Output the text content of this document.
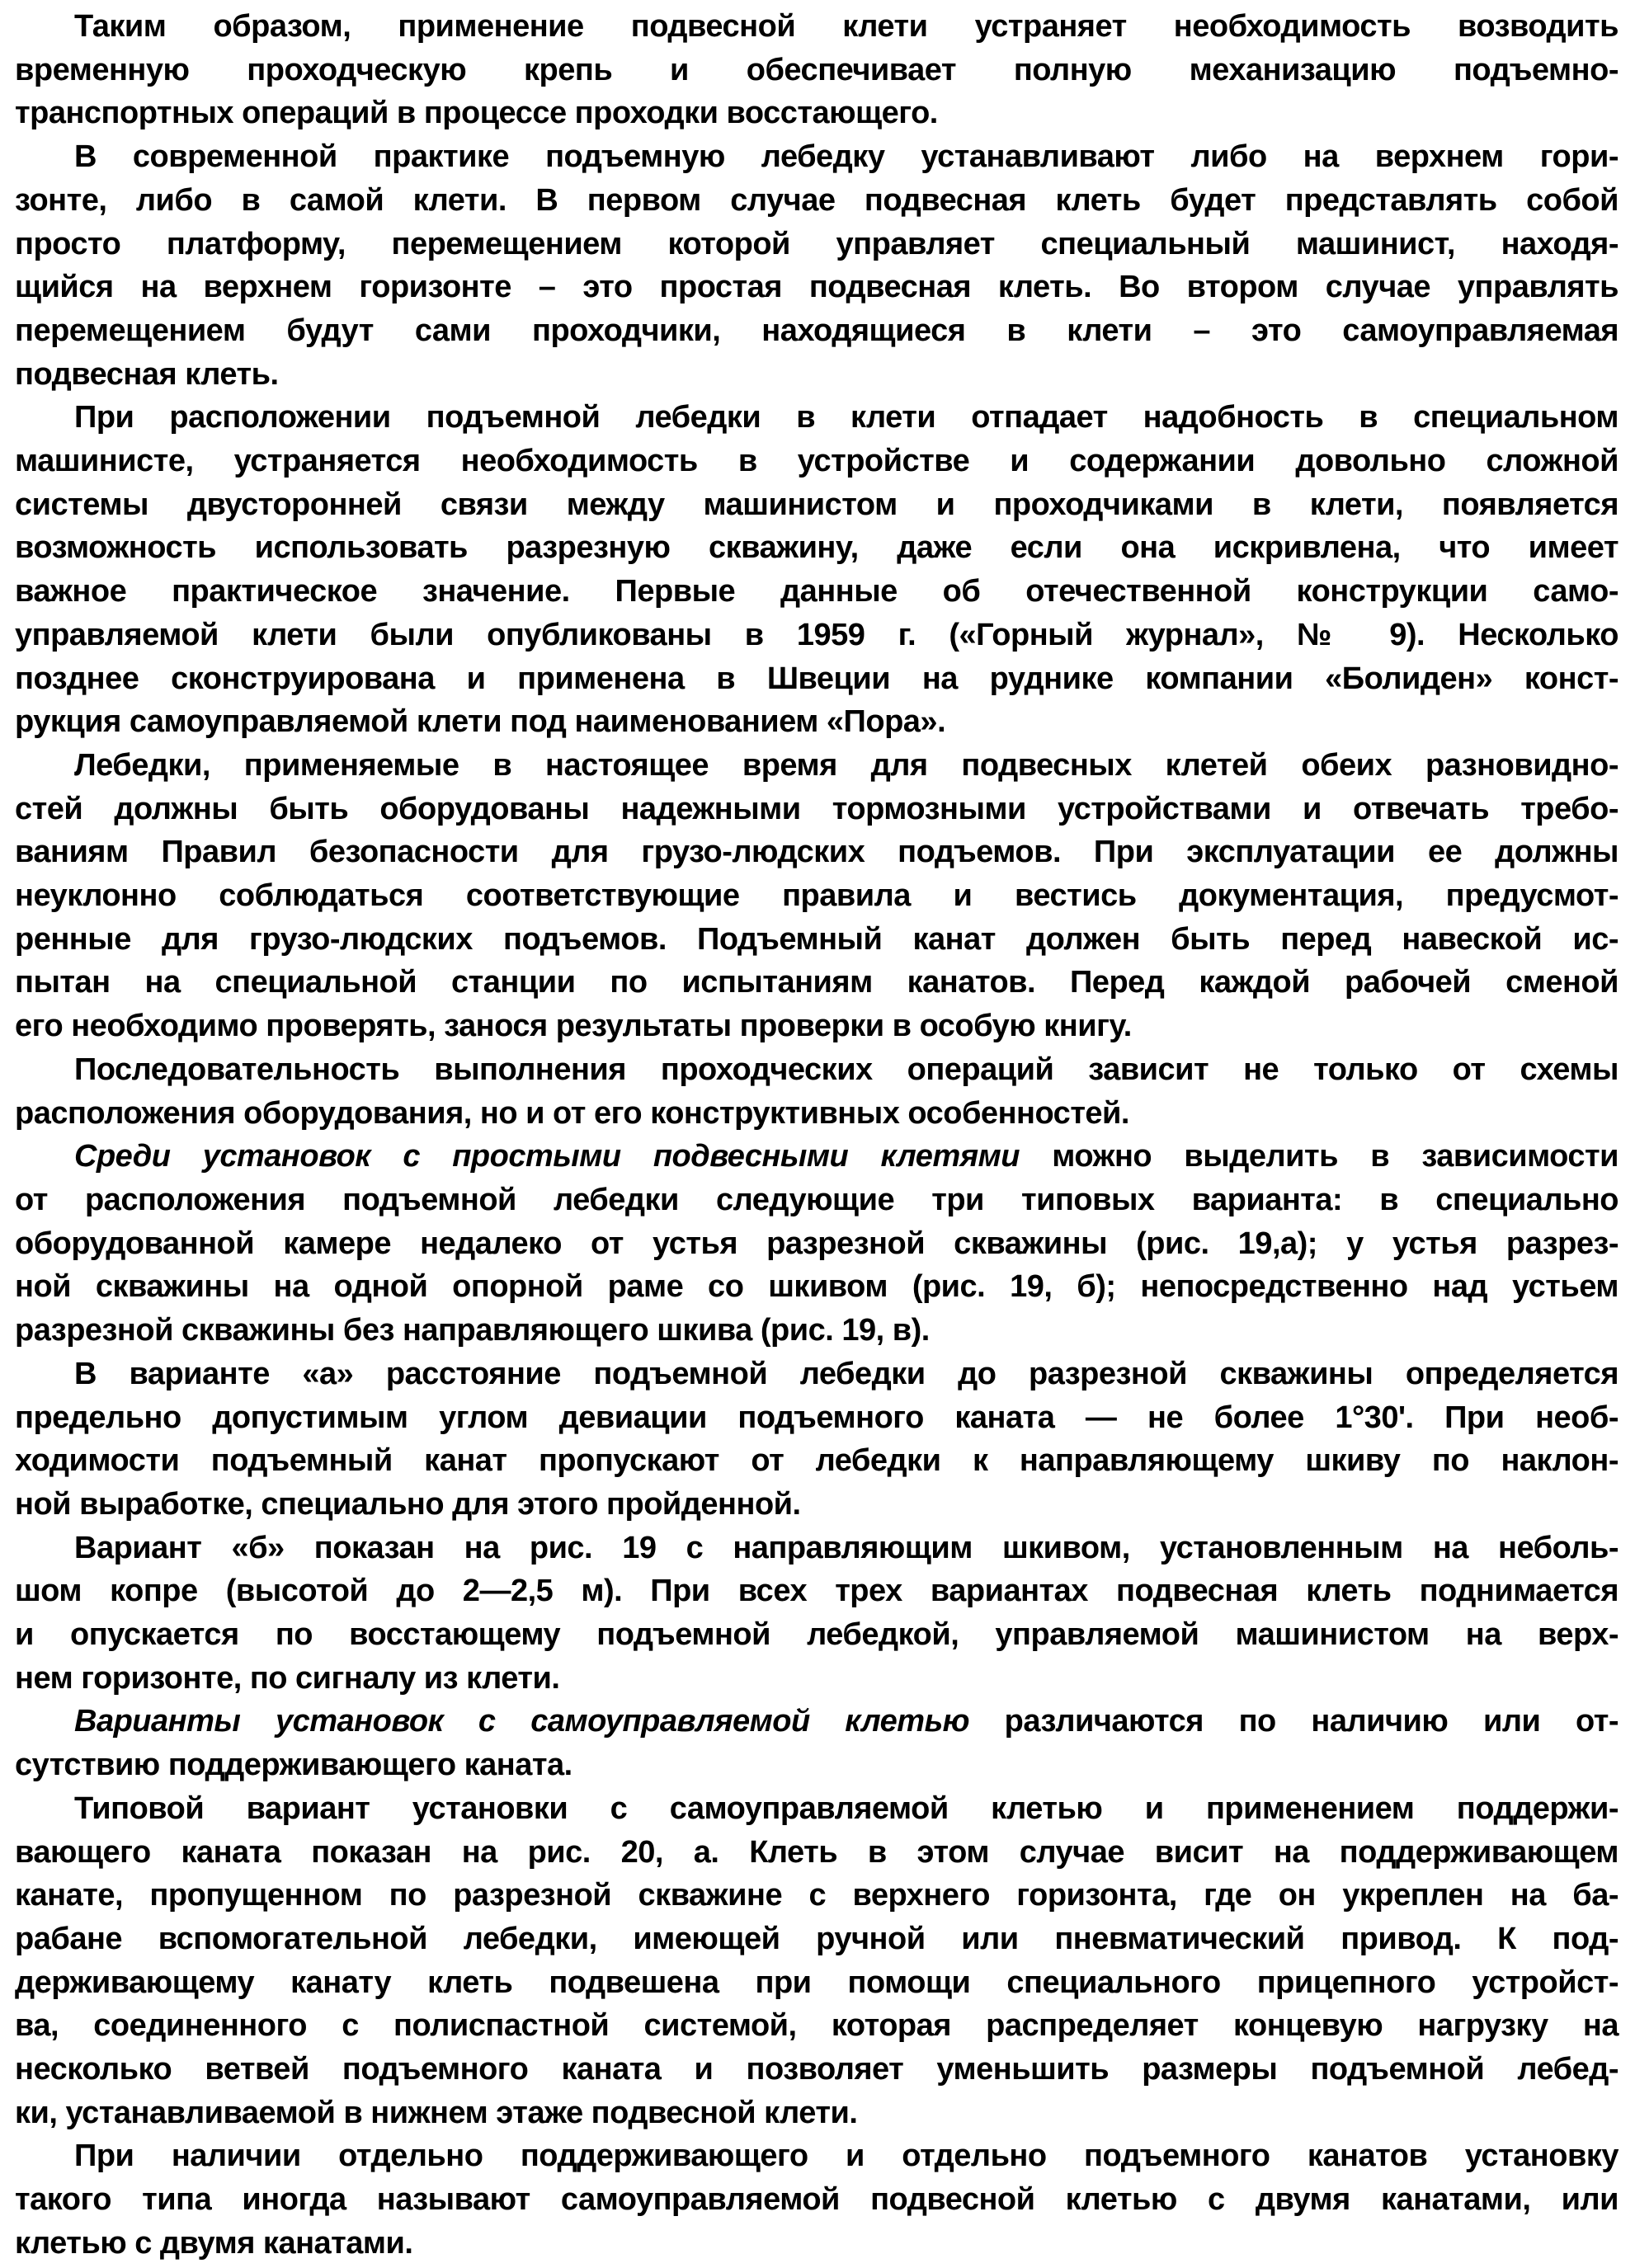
Таким образом, применение подвесной клети устраняет необходимость возводить
временную проходческую крепь и обеспечивает полную механизацию подъемно-
транспортных операций в процессе проходки восстающего.
В современной практике подъемную лебедку устанавливают либо на верхнем гори-
зонте, либо в самой клети. В первом случае подвесная клеть будет представлять собой
просто платформу, перемещением которой управляет специальный машинист, находя-
щийся на верхнем горизонте – это простая подвесная клеть. Во втором случае управлять
перемещением будут сами проходчики, находящиеся в клети – это самоуправляемая
подвесная клеть.
При расположении подъемной лебедки в клети отпадает надобность в специальном
машинисте, устраняется необходимость в устройстве и содержании довольно сложной
системы двусторонней связи между машинистом и проходчиками в клети, появляется
возможность использовать разрезную скважину, даже если она искривлена, что имеет
важное практическое значение. Первые данные об отечественной конструкции само-
управляемой клети были опубликованы в 1959 г. («Горный журнал», № 9). Несколько
позднее сконструирована и применена в Швеции на руднике компании «Болиден» конст-
рукция самоуправляемой клети под наименованием «Пора».
Лебедки, применяемые в настоящее время для подвесных клетей обеих разновидно-
стей должны быть оборудованы надежными тормозными устройствами и отвечать требо-
ваниям Правил безопасности для грузо-людских подъемов. При эксплуатации ее должны
неуклонно соблюдаться соответствующие правила и вестись документация, предусмот-
ренные для грузо-людских подъемов. Подъемный канат должен быть перед навеской ис-
пытан на специальной станции по испытаниям канатов. Перед каждой рабочей сменой
его необходимо проверять, занося результаты проверки в особую книгу.
Последовательность выполнения проходческих операций зависит не только от схемы
расположения оборудования, но и от его конструктивных особенностей.
Среди установок с простыми подвесными клетями можно выделить в зависимости
от расположения подъемной лебедки следующие три типовых варианта: в специально
оборудованной камере недалеко от устья разрезной скважины (рис. 19,а); у устья разрез-
ной скважины на одной опорной раме со шкивом (рис. 19, б); непосредственно над устьем
разрезной скважины без направляющего шкива (рис. 19, в).
В варианте «а» расстояние подъемной лебедки до разрезной скважины определяется
предельно допустимым углом девиации подъемного каната — не более 1°30'. При необ-
ходимости подъемный канат пропускают от лебедки к направляющему шкиву по наклон-
ной выработке, специально для этого пройденной.
Вариант «б» показан на рис. 19 с направляющим шкивом, установленным на неболь-
шом копре (высотой до 2—2,5 м). При всех трех вариантах подвесная клеть поднимается
и опускается по восстающему подъемной лебедкой, управляемой машинистом на верх-
нем горизонте, по сигналу из клети.
Варианты установок с самоуправляемой клетью различаются по наличию или от-
сутствию поддерживающего каната.
Типовой вариант установки с самоуправляемой клетью и применением поддержи-
вающего каната показан на рис. 20, а. Клеть в этом случае висит на поддерживающем
канате, пропущенном по разрезной скважине с верхнего горизонта, где он укреплен на ба-
рабане вспомогательной лебедки, имеющей ручной или пневматический привод. К под-
держивающему канату клеть подвешена при помощи специального прицепного устройст-
ва, соединенного с полиспастной системой, которая распределяет концевую нагрузку на
несколько ветвей подъемного каната и позволяет уменьшить размеры подъемной лебед-
ки, устанавливаемой в нижнем этаже подвесной клети.
При наличии отдельно поддерживающего и отдельно подъемного канатов установку
такого типа иногда называют самоуправляемой подвесной клетью с двумя канатами, или
клетью с двумя канатами.
